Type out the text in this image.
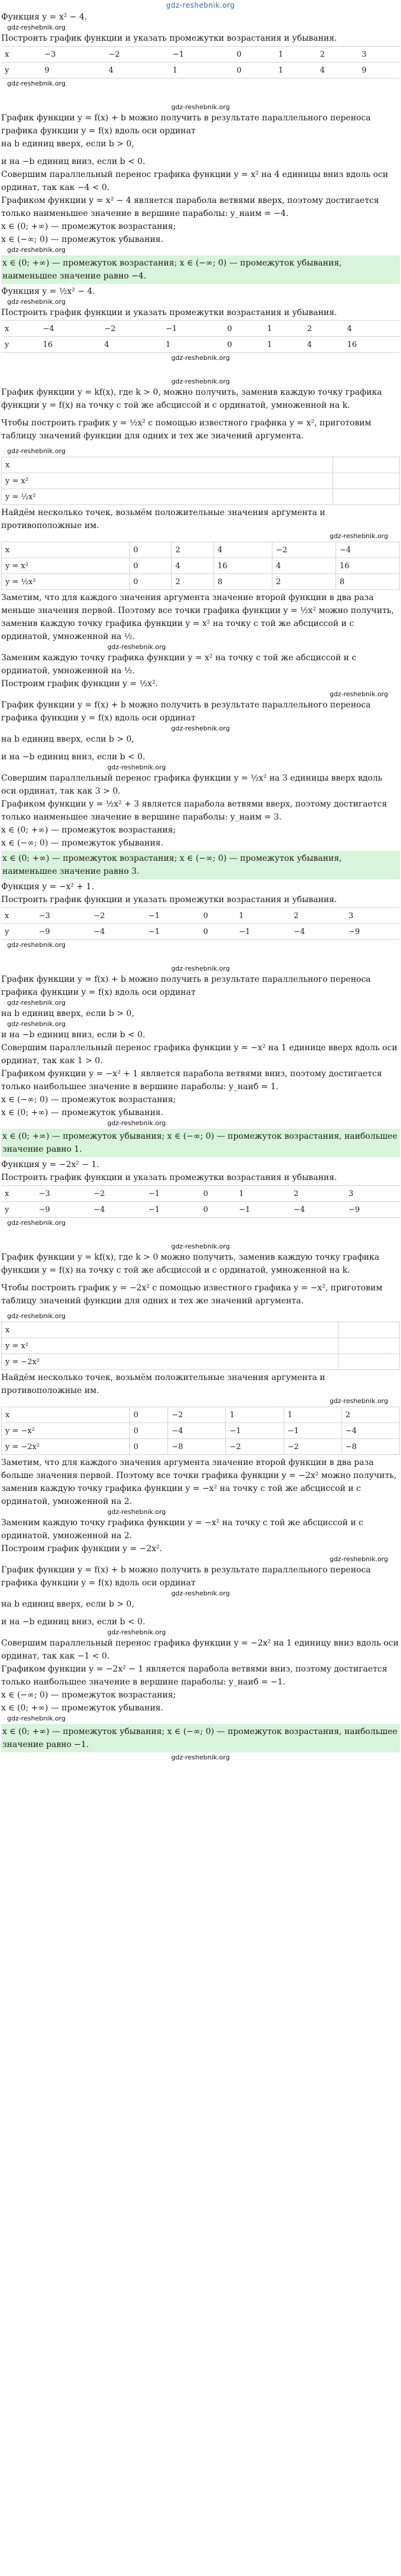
gdz-reshebnik.org

Функция y = x² − 4.

gdz-reshebnik.org

Построить график функции и указать промежутки возрастания и убывания.

x	−3	−2	−1	0	1	2	3
y	9	4	1	0	1	4	9
gdz-reshebnik.org
gdz-reshebnik.org

График функции y = f(x) + b можно получить в результате параллельного переноса графика функции y = f(x) вдоль оси ординат

на b единиц вверх, если b > 0,

и на −b единиц вниз, если b < 0.

Совершим параллельный перенос графика функции y = x² на 4 единицы вниз вдоль оси ординат, так как −4 < 0.

Графиком функции y = x² − 4 является парабола ветвями вверх, поэтому достигается только наименьшее значение в вершине параболы: y_наим = −4.

x ∈ (0; +∞) — промежуток возрастания;

x ∈ (−∞; 0) — промежуток убывания.

gdz-reshebnik.org
x ∈ (0; +∞) — промежуток возрастания; x ∈ (−∞; 0) — промежуток убывания, наименьшее значение равно −4.

Функция y = ½x² − 4.

gdz-reshebnik.org

Построить график функции и указать промежутки возрастания и убывания.

x	−4	−2	−1	0	1	2	4
y	16	4	1	0	1	4	16
gdz-reshebnik.org
gdz-reshebnik.org

График функции y = kf(x), где k > 0, можно получить, заменив каждую точку графика функции y = f(x) на точку с той же абсциссой и с ординатой, умноженной на k.

Чтобы построить график y = ½x² с помощью известного графика y = x², приготовим таблицу значений функции для одних и тех же значений аргумента.

gdz-reshebnik.org
x	
y = x²	
y = ½x²	

Найдём несколько точек, возьмём положительные значения аргумента и противоположные им.

gdz-reshebnik.org
x	0	2	4	−2	−4
y = x²	0	4	16	4	16
y = ½x²	0	2	8	2	8

Заметим, что для каждого значения аргумента значение второй функции в два раза меньше значения первой. Поэтому все точки графика функции y = ½x² можно получить, заменив каждую точку графика функции y = x² на точку с той же абсциссой и с ординатой, умноженной на ½.

gdz-reshebnik.org

Заменим каждую точку графика функции y = x² на точку с той же абсциссой и с ординатой, умноженной на ½.

Построим график функции y = ½x².

gdz-reshebnik.org

График функции y = f(x) + b можно получить в результате параллельного переноса графика функции y = f(x) вдоль оси ординат

gdz-reshebnik.org

на b единиц вверх, если b > 0,

и на −b единиц вниз, если b < 0.

gdz-reshebnik.org

Совершим параллельный перенос графика функции y = ½x² на 3 единицы вверх вдоль оси ординат, так как 3 > 0.

Графиком функции y = ½x² + 3 является парабола ветвями вверх, поэтому достигается только наименьшее значение в вершине параболы: y_наим = 3.

x ∈ (0; +∞) — промежуток возрастания;

x ∈ (−∞; 0) — промежуток убывания.

x ∈ (0; +∞) — промежуток возрастания; x ∈ (−∞; 0) — промежуток убывания, наименьшее значение равно 3.

Функция y = −x² + 1.

Построить график функции и указать промежутки возрастания и убывания.

x	−3	−2	−1	0	1	2	3
y	−9	−4	−1	0	−1	−4	−9
gdz-reshebnik.org
gdz-reshebnik.org

График функции y = f(x) + b можно получить в результате параллельного переноса графика функции y = f(x) вдоль оси ординат

gdz-reshebnik.org

на b единиц вверх, если b > 0,

gdz-reshebnik.org

и на −b единиц вниз, если b < 0.

Совершим параллельный перенос графика функции y = −x² на 1 единице вверх вдоль оси ординат, так как 1 > 0.

Графиком функции y = −x² + 1 является парабола ветвями вниз, поэтому достигается только наибольшее значение в вершине параболы: y_наиб = 1.

x ∈ (−∞; 0) — промежуток возрастания;

x ∈ (0; +∞) — промежуток убывания.

gdz-reshebnik.org
x ∈ (0; +∞) — промежуток убывания; x ∈ (−∞; 0) — промежуток возрастания, наибольшее значение равно 1.

Функция y = −2x² − 1.

Построить график функции и указать промежутки возрастания и убывания.

x	−3	−2	−1	0	1	2	3
y	−9	−4	−1	0	−1	−4	−9
gdz-reshebnik.org
gdz-reshebnik.org

График функции y = kf(x), где k > 0 можно получить, заменив каждую точку графика функции y = f(x) на точку с той же абсциссой и с ординатой, умноженной на k.

Чтобы построить график y = −2x² с помощью известного графика y = −x², приготовим таблицу значений функции для одних и тех же значений аргумента.

gdz-reshebnik.org
x	
y = x²	
y = −2x²	

Найдём несколько точек, возьмём положительные значения аргумента и противоположные им.

gdz-reshebnik.org
x	0	−2	1	1	2
y = −x²	0	−4	−1	−1	−4
y = −2x²	0	−8	−2	−2	−8

Заметим, что для каждого значения аргумента значение второй функции в два раза больше значения первой. Поэтому все точки графика функции y = −2x² можно получить, заменив каждую точку графика функции y = −x² на точку с той же абсциссой и с ординатой, умноженной на 2.

gdz-reshebnik.org

Заменим каждую точку графика функции y = −x² на точку с той же абсциссой и с ординатой, умноженной на 2.

Построим график функции y = −2x².

gdz-reshebnik.org

График функции y = f(x) + b можно получить в результате параллельного переноса графика функции y = f(x) вдоль оси ординат

gdz-reshebnik.org

на b единиц вверх, если b > 0,

и на −b единиц вниз, если b < 0.

gdz-reshebnik.org

Совершим параллельный перенос графика функции y = −2x² на 1 единицу вниз вдоль оси ординат, так как −1 < 0.

Графиком функции y = −2x² − 1 является парабола ветвями вниз, поэтому достигается только наибольшее значение в вершине параболы: y_наиб = −1.

x ∈ (−∞; 0) — промежуток возрастания;

x ∈ (0; +∞) — промежуток убывания.

gdz-reshebnik.org
x ∈ (0; +∞) — промежуток убывания; x ∈ (−∞; 0) — промежуток возрастания, наибольшее значение равно −1.
gdz-reshebnik.org
